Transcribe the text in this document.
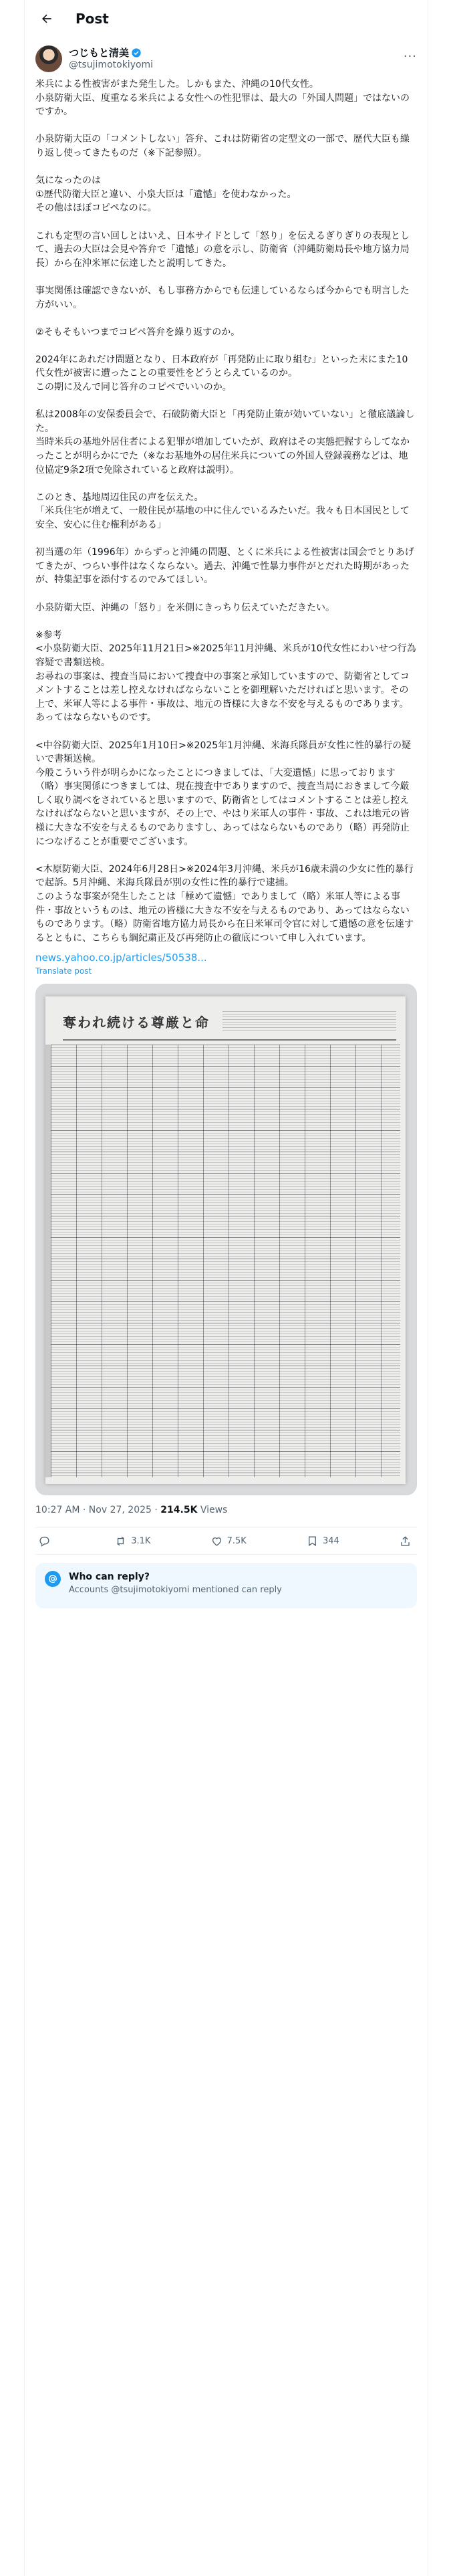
Post
つじもと清美
@tsujimotokiyomi
···
米兵による性被害がまた発生した。しかもまた、沖縄の10代女性。
小泉防衛大臣、度重なる米兵による女性への性犯罪は、最大の「外国人問題」ではないのですか。

小泉防衛大臣の「コメントしない」答弁、これは防衛省の定型文の一部で、歴代大臣も繰り返し使ってきたものだ（※下記参照）。

気になったのは
①歴代防衛大臣と違い、小泉大臣は「遺憾」を使わなかった。
その他はほぼコピペなのに。

これも定型の言い回しとはいえ、日本サイドとして「怒り」を伝えるぎりぎりの表現として、過去の大臣は会見や答弁で「遺憾」の意を示し、防衛省（沖縄防衛局長や地方協力局長）から在沖米軍に伝達したと説明してきた。

事実関係は確認できないが、もし事務方からでも伝達しているならば今からでも明言した方がいい。

②そもそもいつまでコピペ答弁を繰り返すのか。

2024年にあれだけ問題となり、日本政府が「再発防止に取り組む」といった末にまた10代女性が被害に遭ったことの重要性をどうとらえているのか。
この期に及んで同じ答弁のコピペでいいのか。

私は2008年の安保委員会で、石破防衛大臣と「再発防止策が効いていない」と徹底議論した。
当時米兵の基地外居住者による犯罪が増加していたが、政府はその実態把握すらしてなかったことが明らかにでた（※なお基地外の居住米兵についての外国人登録義務などは、地位協定9条2項で免除されていると政府は説明）。

このとき、基地周辺住民の声を伝えた。
「米兵住宅が増えて、一般住民が基地の中に住んでいるみたいだ。我々も日本国民として安全、安心に住む権利がある」

初当選の年（1996年）からずっと沖縄の問題、とくに米兵による性被害は国会でとりあげてきたが、つらい事件はなくならない。過去、沖縄で性暴力事件がとだれた時期があったが、特集記事を添付するのでみてほしい。

小泉防衛大臣、沖縄の「怒り」を米側にきっちり伝えていただきたい。

※参考
<小泉防衛大臣、2025年11月21日>※2025年11月沖縄、米兵が10代女性にわいせつ行為容疑で書類送検。
お尋ねの事案は、捜査当局において捜査中の事案と承知していますので、防衛省としてコメントすることは差し控えなければならないことを御理解いただければと思います。その上で、米軍人等による事件・事故は、地元の皆様に大きな不安を与えるものであります。あってはならないものです。

<中谷防衛大臣、2025年1月10日>※2025年1月沖縄、米海兵隊員が女性に性的暴行の疑いで書類送検。
今般こういう件が明らかになったことにつきましては、「大変遺憾」に思っております（略）事実関係につきましては、現在捜査中でありますので、捜査当局におきまして今厳しく取り調べをされていると思いますので、防衛省としてはコメントすることは差し控えなければならないと思いますが、その上で、やはり米軍人の事件・事故、これは地元の皆様に大きな不安を与えるものでありますし、あってはならないものであり（略）再発防止につなげることが重要でございます。

<木原防衛大臣、2024年6月28日>※2024年3月沖縄、米兵が16歳未満の少女に性的暴行で起訴。5月沖縄、米海兵隊員が別の女性に性的暴行で逮捕。
このような事案が発生したことは「極めて遺憾」でありまして（略）米軍人等による事件・事故というものは、地元の皆様に大きな不安を与えるものであり、あってはならないものであります。（略）防衛省地方協力局長から在日米軍司令官に対して遺憾の意を伝達するとともに、こちらも綱紀粛正及び再発防止の徹底について申し入れています。
news.yahoo.co.jp/articles/50538...
Translate post
奪われ続ける尊厳と命
10:27 AM · Nov 27, 2025 · 214.5K Views
3.1K	7.5K	344
Who can reply?
Accounts @tsujimotokiyomi mentioned can reply
